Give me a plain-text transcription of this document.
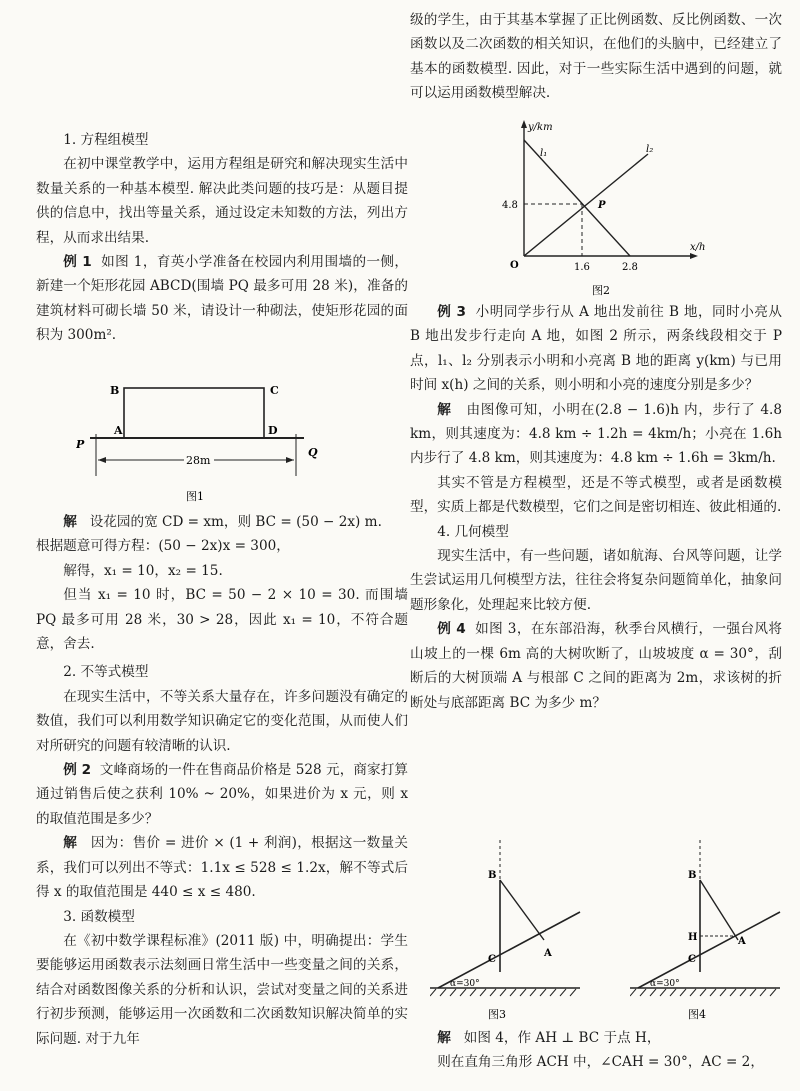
1. 方程组模型

在初中课堂教学中，运用方程组是研究和解决现实生活中数量关系的一种基本模型. 解决此类问题的技巧是：从题目提供的信息中，找出等量关系，通过设定未知数的方法，列出方程，从而求出结果.

例 1 如图 1，育英小学准备在校园内利用围墙的一侧，新建一个矩形花园 ABCD(围墙 PQ 最多可用 28 米)，准备的建筑材料可砌长墙 50 米，请设计一种砌法，使矩形花园的面积为 300m².

解 设花园的宽 CD = xm，则 BC = (50 − 2x) m.

根据题意可得方程：(50 − 2x)x = 300，

解得，x₁ = 10，x₂ = 15.

但当 x₁ = 10 时，BC = 50 − 2 × 10 = 30. 而围墙 PQ 最多可用 28 米，30 > 28，因此 x₁ = 10，不符合题意，舍去.

2. 不等式模型

在现实生活中，不等关系大量存在，许多问题没有确定的数值，我们可以利用数学知识确定它的变化范围，从而使人们对所研究的问题有较清晰的认识.

例 2 文峰商场的一件在售商品价格是 528 元，商家打算通过销售后使之获利 10% ~ 20%，如果进价为 x 元，则 x 的取值范围是多少？

解 因为：售价 = 进价 × (1 + 利润)，根据这一数量关系，我们可以列出不等式：1.1x ≤ 528 ≤ 1.2x，解不等式后得 x 的取值范围是 440 ≤ x ≤ 480.

3. 函数模型

在《初中数学课程标准》(2011 版) 中，明确提出：学生要能够运用函数表示法刻画日常生活中一些变量之间的关系，结合对函数图像关系的分析和认识，尝试对变量之间的关系进行初步预测，能够运用一次函数和二次函数知识解决简单的实际问题. 对于九年

B	C
A	D
P
Q
28m
图1

级的学生，由于其基本掌握了正比例函数、反比例函数、一次函数以及二次函数的相关知识，在他们的头脑中，已经建立了基本的函数模型. 因此，对于一些实际生活中遇到的问题，就可以运用函数模型解决.

例 3 小明同学步行从 A 地出发前往 B 地，同时小亮从 B 地出发步行走向 A 地，如图 2 所示，两条线段相交于 P 点，l₁、l₂ 分别表示小明和小亮离 B 地的距离 y(km) 与已用时间 x(h) 之间的关系，则小明和小亮的速度分别是多少？

解 由图像可知，小明在(2.8 − 1.6)h 内，步行了 4.8 km，则其速度为：4.8 km ÷ 1.2h = 4km/h；小亮在 1.6h 内步行了 4.8 km，则其速度为：4.8 km ÷ 1.6h = 3km/h.

其实不管是方程模型，还是不等式模型，或者是函数模型，实质上都是代数模型，它们之间是密切相连、彼此相通的.

4. 几何模型

现实生活中，有一些问题，诸如航海、台风等问题，让学生尝试运用几何模型方法，往往会将复杂问题简单化，抽象问题形象化，处理起来比较方便.

例 4 如图 3，在东部沿海，秋季台风横行，一强台风将山坡上的一棵 6m 高的大树吹断了，山坡坡度 α = 30°，刮断后的大树顶端 A 与根部 C 之间的距离为 2m，求该树的折断处与底部距离 BC 为多少 m？

解 如图 4，作 AH ⊥ BC 于点 H，

则在直角三角形 ACH 中，∠CAH = 30°，AC = 2，

y/km
x/h
O
l₁	l₂
P
4.8
1.6	2.8
图2
B
C
A
α=30°
图3
B
H
C
A
α=30°
图4
